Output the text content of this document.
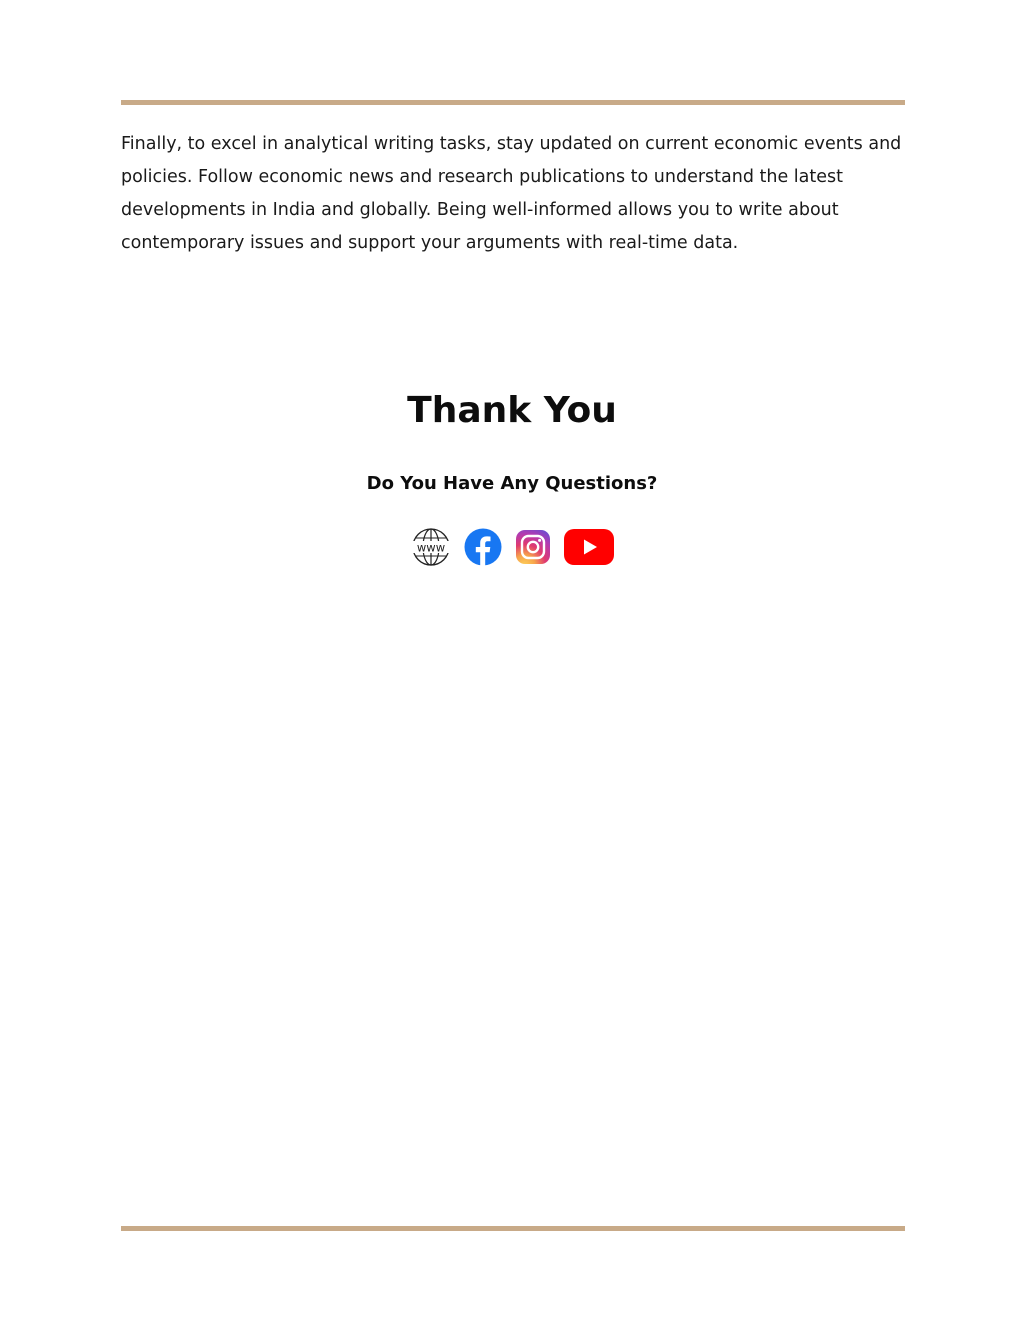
Finally, to excel in analytical writing tasks, stay updated on current economic events and policies. Follow economic news and research publications to understand the latest developments in India and globally. Being well-informed allows you to write about contemporary issues and support your arguments with real-time data.

Thank You

Do You Have Any Questions?

www
